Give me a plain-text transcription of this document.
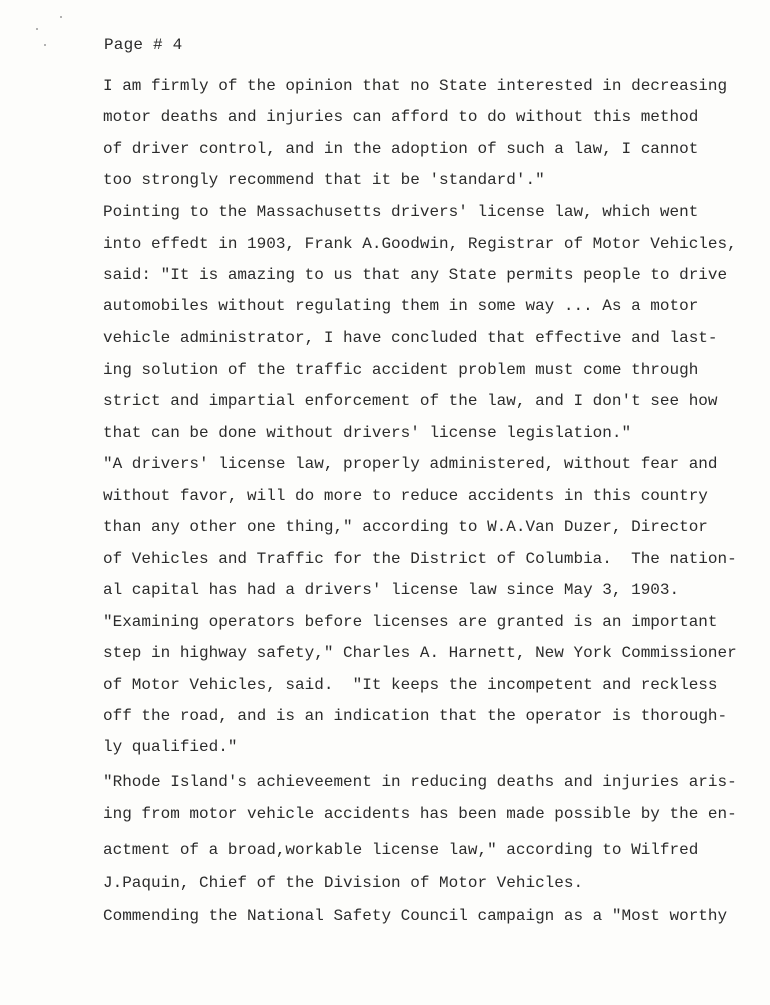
Page # 4
I am firmly of the opinion that no State interested in decreasing
motor deaths and injuries can afford to do without this method
of driver control, and in the adoption of such a law, I cannot
too strongly recommend that it be 'standard'."
Pointing to the Massachusetts drivers' license law, which went
into effedt in 1903, Frank A.Goodwin, Registrar of Motor Vehicles,
said: "It is amazing to us that any State permits people to drive
automobiles without regulating them in some way ... As a motor
vehicle administrator, I have concluded that effective and last-
ing solution of the traffic accident problem must come through
strict and impartial enforcement of the law, and I don't see how
that can be done without drivers' license legislation."
"A drivers' license law, properly administered, without fear and
without favor, will do more to reduce accidents in this country
than any other one thing," according to W.A.Van Duzer, Director
of Vehicles and Traffic for the District of Columbia.  The nation-
al capital has had a drivers' license law since May 3, 1903.
"Examining operators before licenses are granted is an important
step in highway safety," Charles A. Harnett, New York Commissioner
of Motor Vehicles, said.  "It keeps the incompetent and reckless
off the road, and is an indication that the operator is thorough-
ly qualified."
"Rhode Island's achieveement in reducing deaths and injuries aris-
ing from motor vehicle accidents has been made possible by the en-
actment of a broad,workable license law," according to Wilfred
J.Paquin, Chief of the Division of Motor Vehicles.
Commending the National Safety Council campaign as a "Most worthy
